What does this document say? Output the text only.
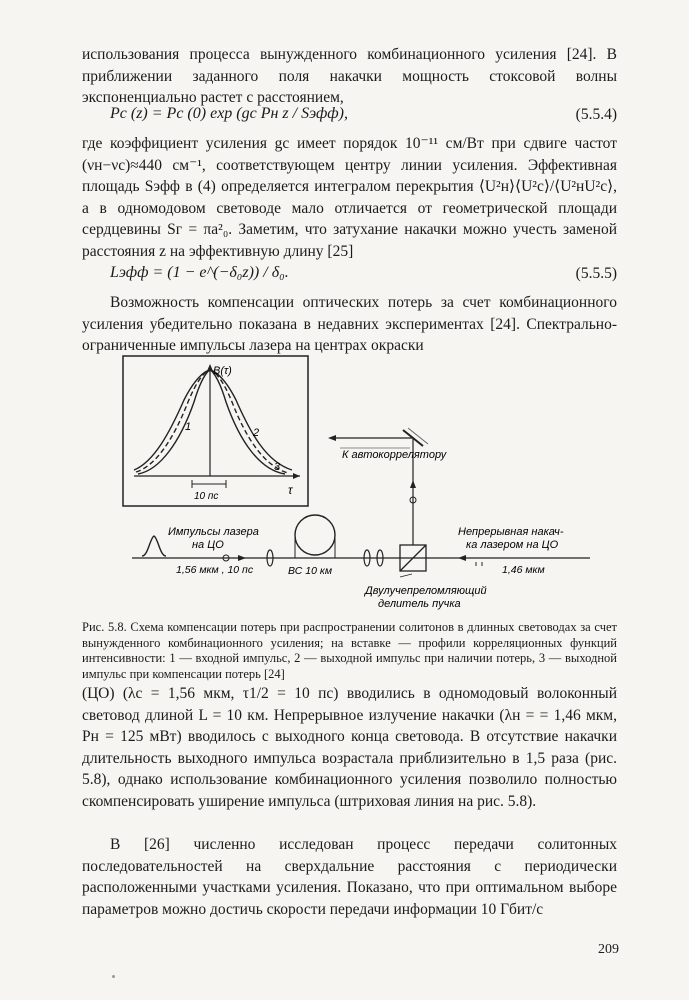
использования процесса вынужденного комбинационного усиления [24]. В приближении заданного поля накачки мощность стоксовой волны экспоненциально растет с расстоянием,
Pс (z) = Pс (0) exp (gс Pн z / Sэфф),	(5.5.4)
где коэффициент усиления gс имеет порядок 10⁻¹¹ см/Вт при сдвиге частот (νн−νс)≈440 см⁻¹, соответствующем центру линии усиления. Эффективная площадь Sэфф в (4) определяется интегралом перекрытия ⟨U²н⟩⟨U²с⟩/⟨U²нU²с⟩, а в одномодовом световоде мало отличается от геометрической площади сердцевины Sг = πa²₀. Заметим, что затухание накачки можно учесть заменой расстояния z на эффективную длину [25]
Lэфф = (1 − e^(−δ₀z)) / δ₀.	(5.5.5)
Возможность компенсации оптических потерь за счет комбинационного усиления убедительно показана в недавних экспериментах [24]. Спектрально-ограниченные импульсы лазера на центрах окраски
B(τ)
τ
1	2
3
10 пс
Импульсы лазера
на ЦО
1,56 мкм , 10 пс	ВС 10 км
Двулучепреломляющий
делитель пучка
К автокоррелятору
Непрерывная накач-
ка лазером на ЦО
1,46 мкм
Рис. 5.8. Схема компенсации потерь при распространении солитонов в длинных световодах за счет вынужденного комбинационного усиления; на вставке — профили корреляционных функций интенсивности: 1 — входной импульс, 2 — выходной импульс при наличии потерь, 3 — выходной импульс при компенсации потерь [24]
(ЦО) (λс = 1,56 мкм, τ1/2 = 10 пс) вводились в одномодовый волоконный световод длиной L = 10 км. Непрерывное излучение накачки (λн = = 1,46 мкм, Pн = 125 мВт) вводилось с выходного конца световода. В отсутствие накачки длительность выходного импульса возрастала приблизительно в 1,5 раза (рис. 5.8), однако использование комбинационного усиления позволило полностью скомпенсировать уширение импульса (штриховая линия на рис. 5.8).
В [26] численно исследован процесс передачи солитонных последовательностей на сверхдальние расстояния с периодически расположенными участками усиления. Показано, что при оптимальном выборе параметров можно достичь скорости передачи информации 10 Гбит/с
209
